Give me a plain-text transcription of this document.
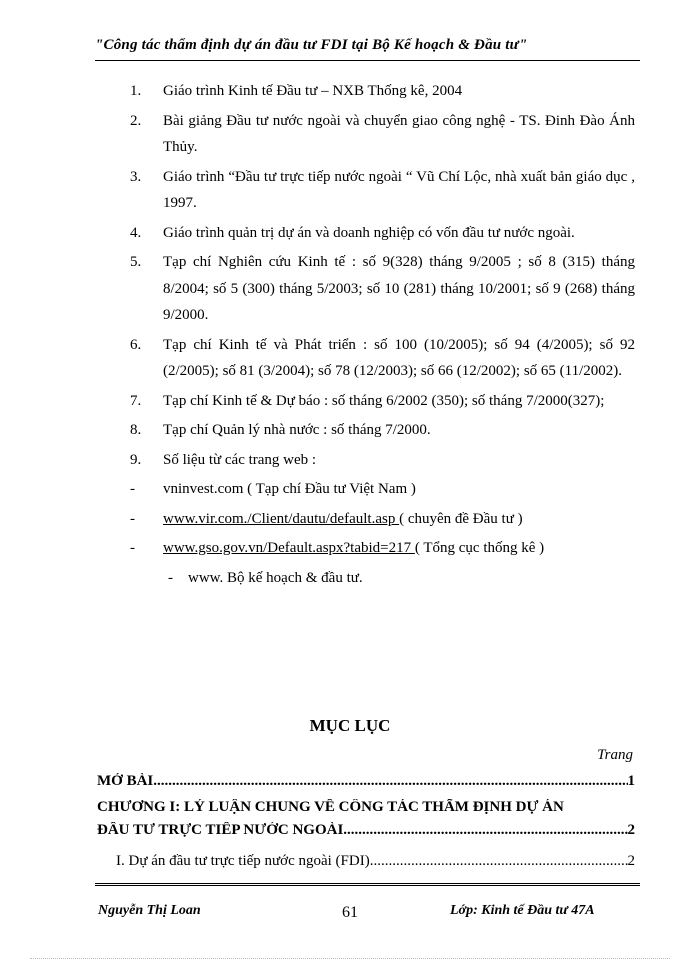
"Công tác thẩm định dự án đầu tư FDI tại Bộ Kế hoạch & Đầu tư"
1.	Giáo trình Kinh tế Đầu tư – NXB Thống kê, 2004
2.	Bài giảng Đầu tư nước ngoài và chuyển giao công nghệ - TS. Đinh Đào Ánh Thủy.
3.	Giáo trình “Đầu tư trực tiếp nước ngoài “ Vũ Chí Lộc, nhà xuất bản giáo dục , 1997.
4.	Giáo trình quản trị dự án và doanh nghiệp có vốn đầu tư nước ngoài.
5.	Tạp chí Nghiên cứu Kinh tế : số 9(328) tháng 9/2005 ; số 8 (315) tháng 8/2004; số 5 (300) tháng 5/2003; số 10 (281) tháng 10/2001; số 9 (268) tháng 9/2000.
6.	Tạp chí Kinh tế và Phát triển : số 100 (10/2005); số 94 (4/2005); số 92 (2/2005); số 81 (3/2004); số 78 (12/2003); số 66 (12/2002); số 65 (11/2002).
7.	Tạp chí Kinh tế & Dự báo : số tháng 6/2002 (350); số tháng 7/2000(327);
8.	Tạp chí Quản lý nhà nước : số tháng 7/2000.
9.	Số liệu từ các trang web :
-	vninvest.com ( Tạp chí Đầu tư Việt Nam )
-	www.vir.com./Client/dautu/default.asp ( chuyên đề Đầu tư )
-	www.gso.gov.vn/Default.aspx?tabid=217 ( Tổng cục thống kê )
-	www. Bộ kế hoạch & đầu tư.
MỤC LỤC
Trang
MỞ BÀI .....	1
CHƯƠNG I: LÝ LUẬN CHUNG VỀ CÔNG TÁC THẨM ĐỊNH DỰ ÁN
ĐẦU TƯ TRỰC TIẾP NƯỚC NGOÀI .....	2
I. Dự án đầu tư trực tiếp nước ngoài (FDI). .....	2
Nguyễn Thị Loan	61	Lớp: Kinh tế Đầu tư 47A
